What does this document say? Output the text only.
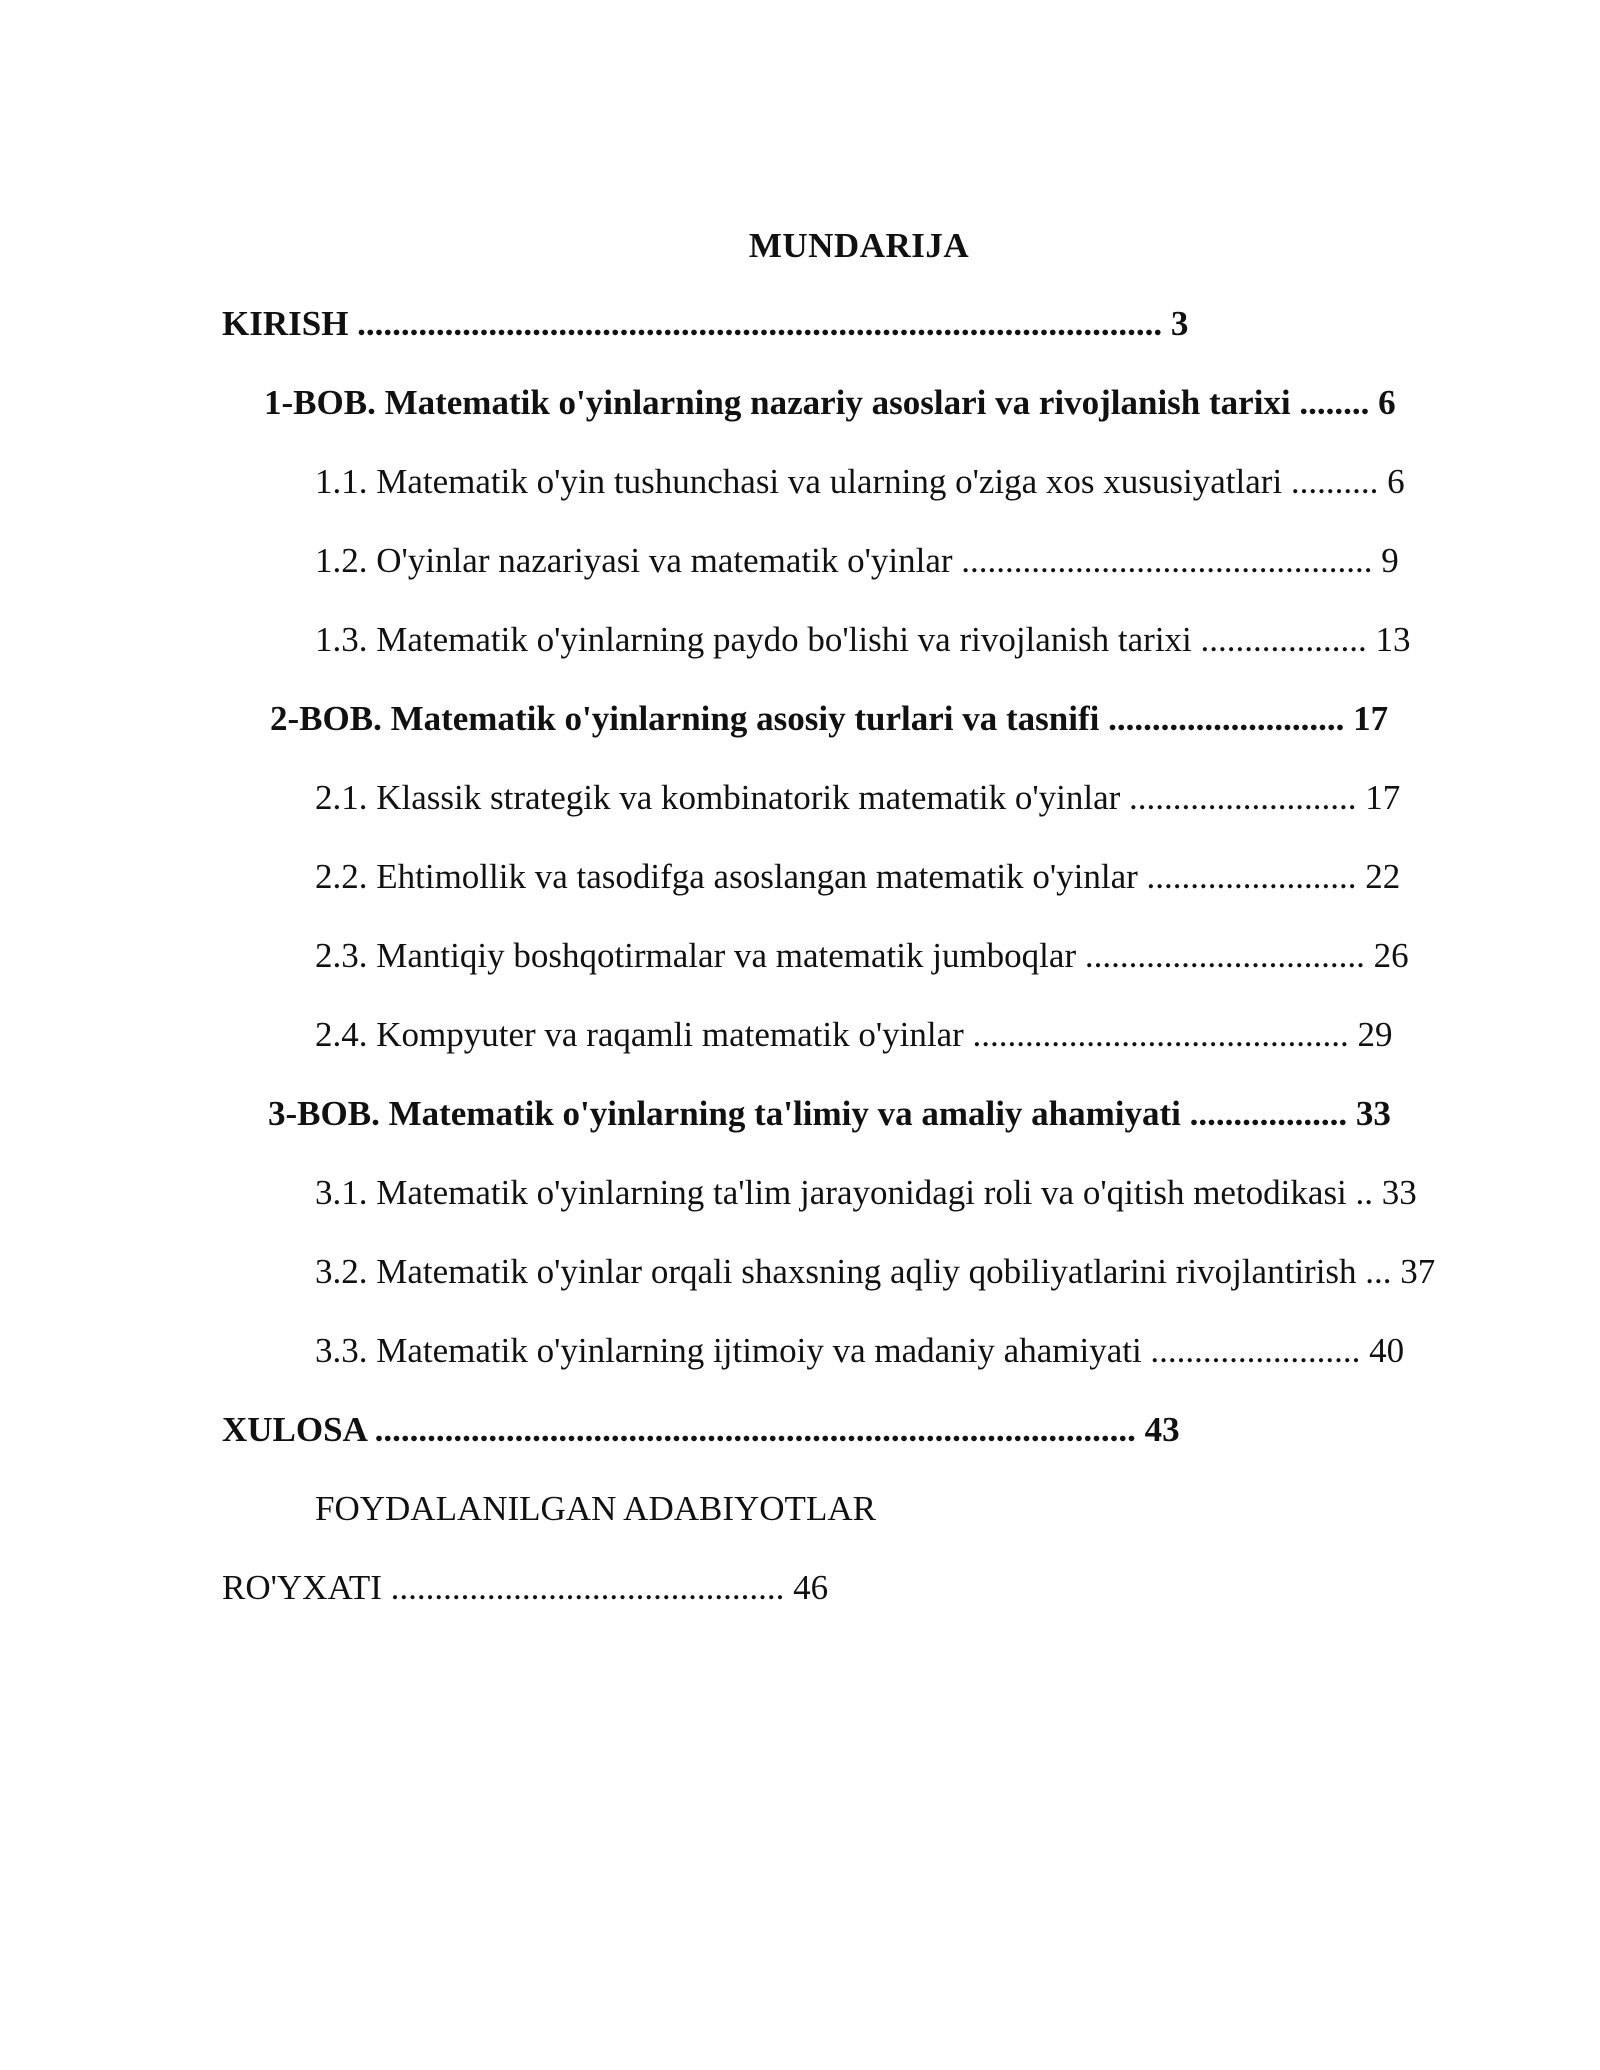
MUNDARIJA
KIRISH ............................................................................................ 3
1-BOB. Matematik o'yinlarning nazariy asoslari va rivojlanish tarixi ........ 6
1.1. Matematik o'yin tushunchasi va ularning o'ziga xos xususiyatlari .......... 6
1.2. O'yinlar nazariyasi va matematik o'yinlar ............................................... 9
1.3. Matematik o'yinlarning paydo bo'lishi va rivojlanish tarixi ................... 13
2-BOB. Matematik o'yinlarning asosiy turlari va tasnifi ........................... 17
2.1. Klassik strategik va kombinatorik matematik o'yinlar .......................... 17
2.2. Ehtimollik va tasodifga asoslangan matematik o'yinlar ........................ 22
2.3. Mantiqiy boshqotirmalar va matematik jumboqlar ................................ 26
2.4. Kompyuter va raqamli matematik o'yinlar ........................................... 29
3-BOB. Matematik o'yinlarning ta'limiy va amaliy ahamiyati .................. 33
3.1. Matematik o'yinlarning ta'lim jarayonidagi roli va o'qitish metodikasi .. 33
3.2. Matematik o'yinlar orqali shaxsning aqliy qobiliyatlarini rivojlantirish ... 37
3.3. Matematik o'yinlarning ijtimoiy va madaniy ahamiyati ........................ 40
XULOSA ....................................................................................... 43
FOYDALANILGAN ADABIYOTLAR
RO'YXATI ............................................. 46
